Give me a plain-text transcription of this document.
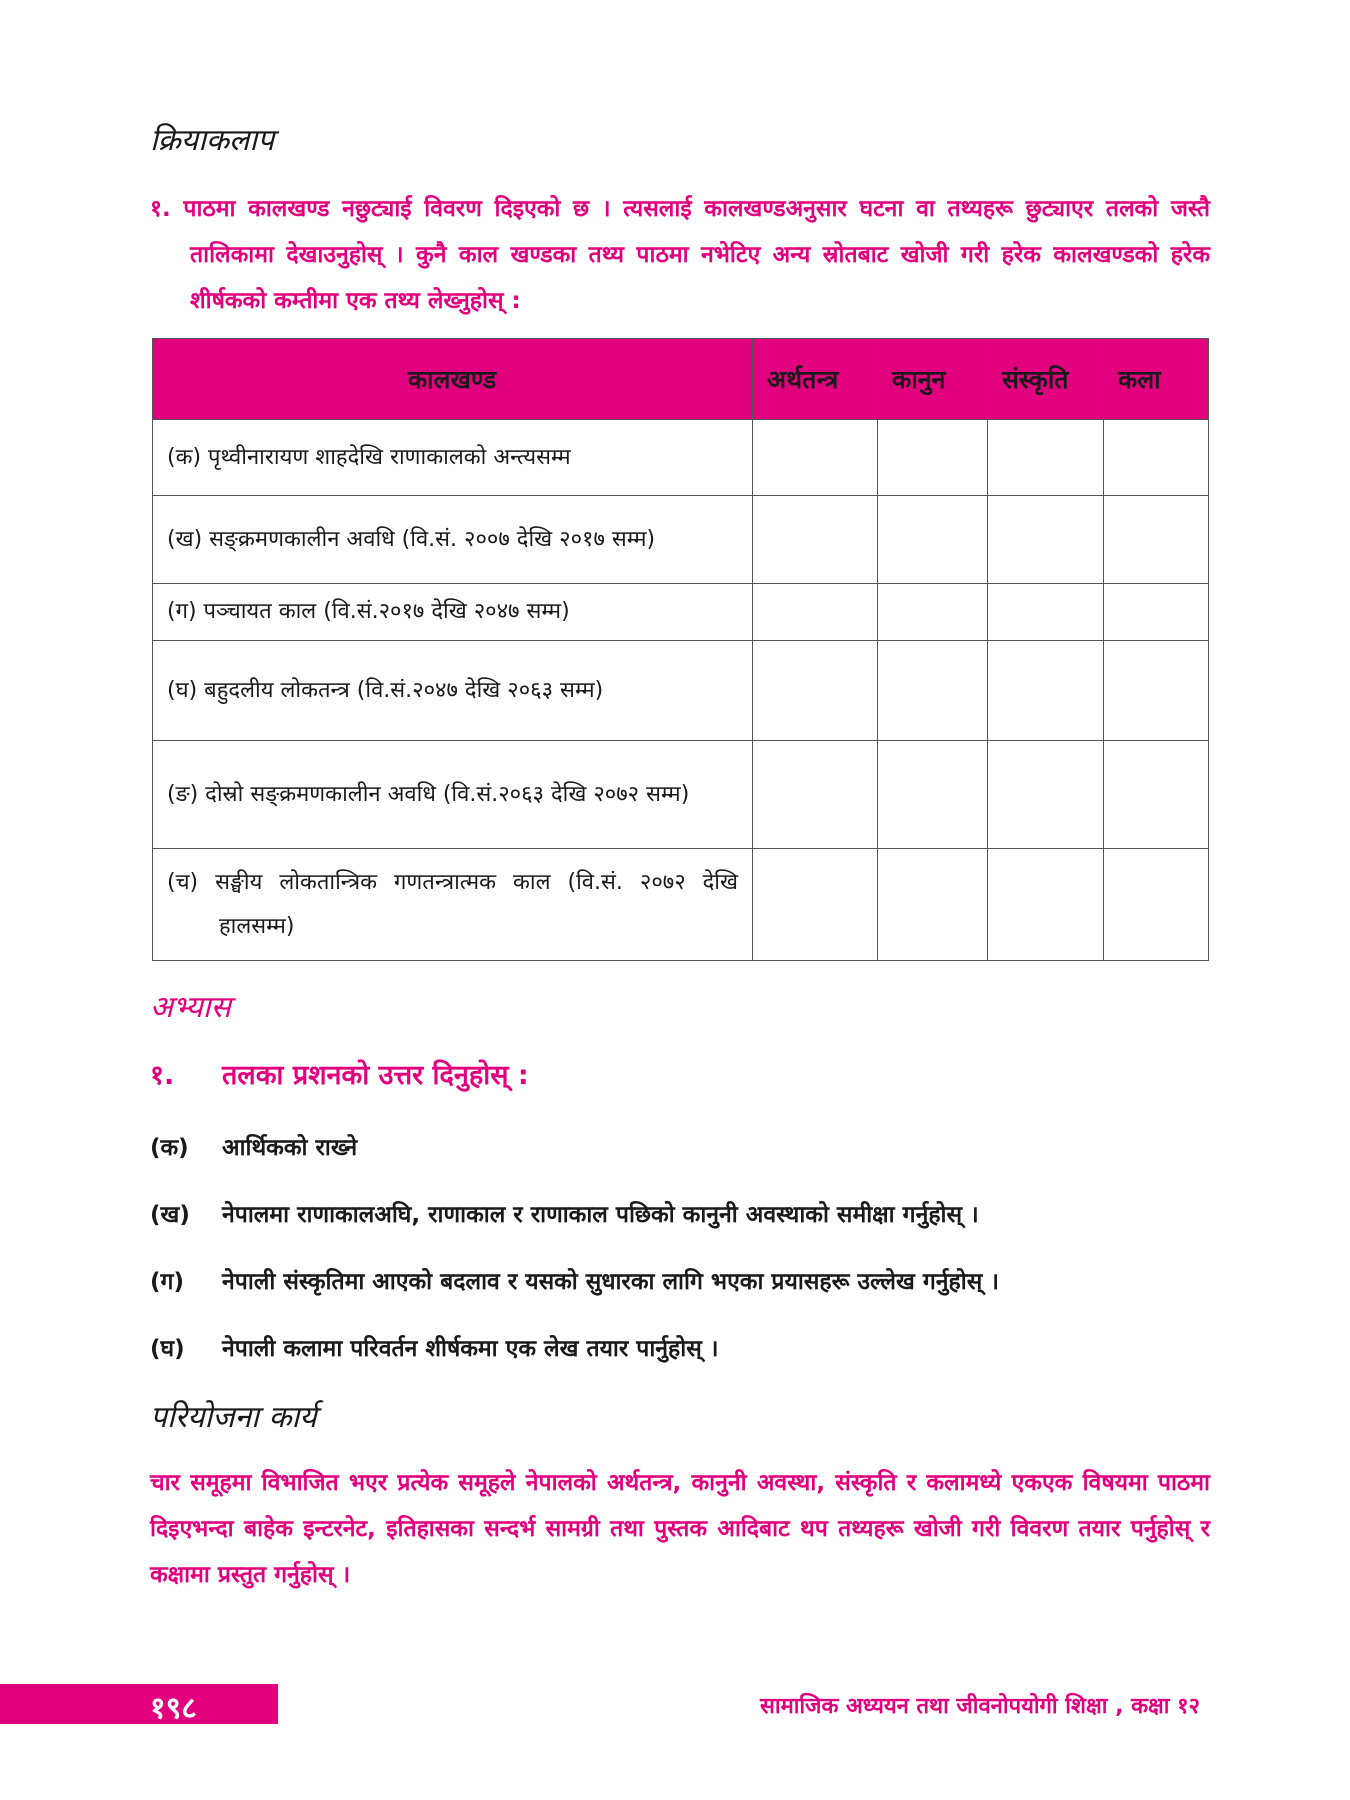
क्रियाकलाप
१. पाठमा कालखण्ड नछुट्याई विवरण दिइएको छ । त्यसलाई कालखण्डअनुसार घटना वा तथ्यहरू छुट्याएर तलको जस्तै तालिकामा देखाउनुहोस् । कुनै काल खण्डका तथ्य पाठमा नभेटिए अन्य स्रोतबाट खोजी गरी हरेक कालखण्डको हरेक शीर्षकको कम्तीमा एक तथ्य लेख्नुहोस् :
कालखण्ड	अर्थतन्त्र	कानुन	संस्कृति	कला

(क) पृथ्वीनारायण शाहदेखि राणाकालको अन्त्यसम्म				

(ख) सङ्क्रमणकालीन अवधि (वि.सं. २००७ देखि २०१७ सम्म)				

(ग) पञ्चायत काल (वि.सं.२०१७ देखि २०४७ सम्म)				

(घ) बहुदलीय लोकतन्त्र (वि.सं.२०४७ देखि २०६३ सम्म)				

(ङ) दोस्रो सङ्क्रमणकालीन अवधि (वि.सं.२०६३ देखि २०७२ सम्म)				

(च) सङ्घीय लोकतान्त्रिक गणतन्त्रात्मक काल (वि.सं. २०७२ देखि हालसम्म)				

अभ्यास
१. तलका प्रशनको उत्तर दिनुहोस् :
(क) आर्थिकको राख्ने
(ख) नेपालमा राणाकालअघि, राणाकाल र राणाकाल पछिको कानुनी अवस्थाको समीक्षा गर्नुहोस् ।
(ग) नेपाली संस्कृतिमा आएको बदलाव र यसको सुधारका लागि भएका प्रयासहरू उल्लेख गर्नुहोस् ।
(घ) नेपाली कलामा परिवर्तन शीर्षकमा एक लेख तयार पार्नुहोस् ।
परियोजना कार्य
चार समूहमा विभाजित भएर प्रत्येक समूहले नेपालको अर्थतन्त्र, कानुनी अवस्था, संस्कृति र कलामध्ये एकएक विषयमा पाठमा दिइएभन्दा बाहेक इन्टरनेट, इतिहासका सन्दर्भ सामग्री तथा पुस्तक आदिबाट थप तथ्यहरू खोजी गरी विवरण तयार पर्नुहोस् र कक्षामा प्रस्तुत गर्नुहोस् ।
१९८	सामाजिक अध्ययन तथा जीवनोपयोगी शिक्षा , कक्षा १२
